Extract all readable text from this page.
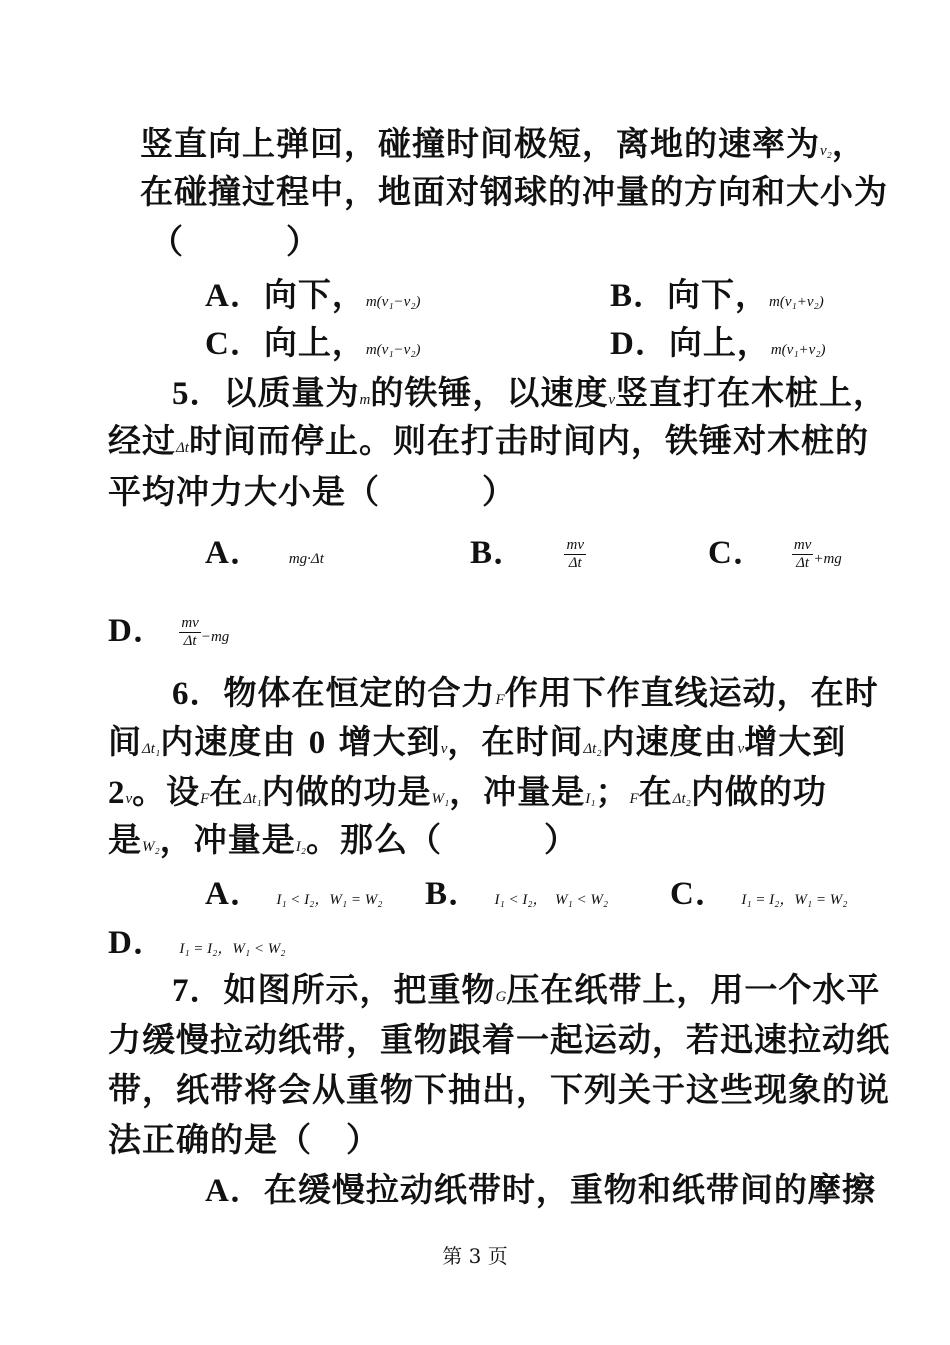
竖直向上弹回，碰撞时间极短，离地的速率为v₂，
在碰撞过程中，地面对钢球的冲量的方向和大小为
（　　　）
A．向下，m(v₁−v₂)	B．向下，m(v₁+v₂)
C．向上，m(v₁−v₂)	D．向上，m(v₁+v₂)
5．以质量为m的铁锤，以速度v竖直打在木桩上，
经过Δt时间而停止。则在打击时间内，铁锤对木桩的
平均冲力大小是（　　　）
A． mg·Δt	B． $\frac{mv}{\Delta t}$	C． $\frac{mv}{\Delta t} +mg$
D． $\frac{mv}{\Delta t} -mg$
6．物体在恒定的合力F作用下作直线运动，在时
间Δt₁内速度由 0 增大到v，在时间Δt₂内速度由v增大到
2v。设F在Δt₁内做的功是W₁，冲量是I₁；F在Δt₂内做的功
是W₂，冲量是I₂。那么（　　　）
A． I₁ < I₂，W₁ = W₂ B． I₁ < I₂，　W₁ < W₂ C． I₁ = I₂，W₁ = W₂
D． I₁ = I₂，W₁ < W₂
7．如图所示，把重物G压在纸带上，用一个水平
力缓慢拉动纸带，重物跟着一起运动，若迅速拉动纸
带，纸带将会从重物下抽出，下列关于这些现象的说
法正确的是（　）
A．在缓慢拉动纸带时，重物和纸带间的摩擦
第 3 页
